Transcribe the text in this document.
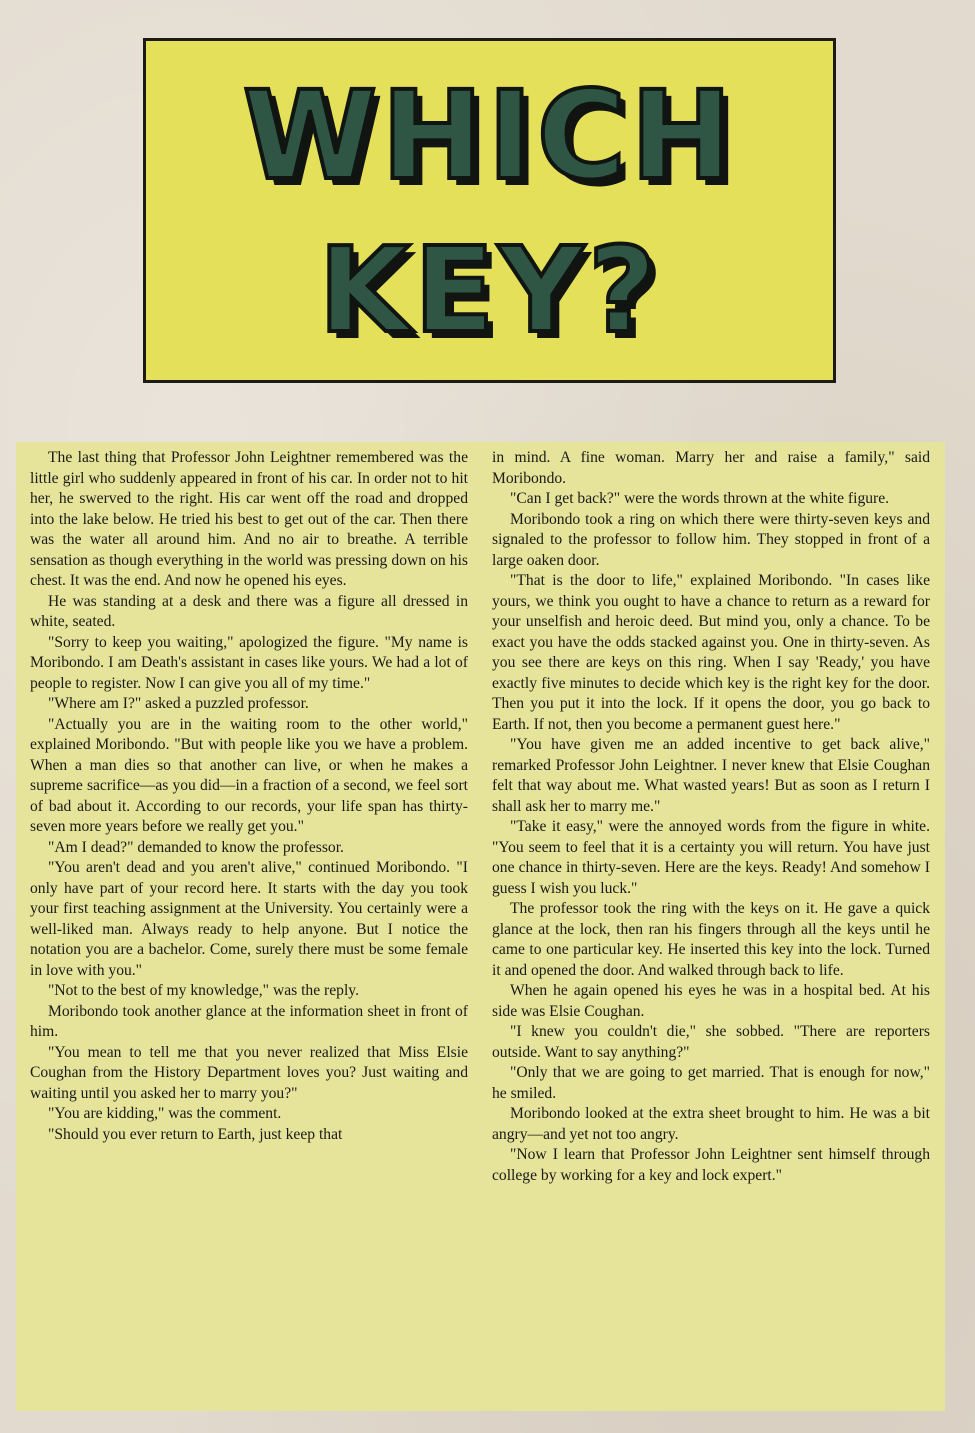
WHICH
KEY?

The last thing that Professor John Leightner remembered was the little girl who suddenly appeared in front of his car. In order not to hit her, he swerved to the right. His car went off the road and dropped into the lake below. He tried his best to get out of the car. Then there was the water all around him. And no air to breathe. A terrible sensation as though everything in the world was pressing down on his chest. It was the end. And now he opened his eyes.

He was standing at a desk and there was a figure all dressed in white, seated.

"Sorry to keep you waiting," apologized the figure. "My name is Moribondo. I am Death's assistant in cases like yours. We had a lot of people to register. Now I can give you all of my time."

"Where am I?" asked a puzzled professor.

"Actually you are in the waiting room to the other world," explained Moribondo. "But with people like you we have a problem. When a man dies so that another can live, or when he makes a supreme sacrifice—as you did—in a fraction of a second, we feel sort of bad about it. According to our records, your life span has thirty-seven more years before we really get you."

"Am I dead?" demanded to know the professor.

"You aren't dead and you aren't alive," continued Moribondo. "I only have part of your record here. It starts with the day you took your first teaching assignment at the University. You certainly were a well-liked man. Always ready to help anyone. But I notice the notation you are a bachelor. Come, surely there must be some female in love with you."

"Not to the best of my knowledge," was the reply.

Moribondo took another glance at the information sheet in front of him.

"You mean to tell me that you never realized that Miss Elsie Coughan from the History Department loves you? Just waiting and waiting until you asked her to marry you?"

"You are kidding," was the comment.

"Should you ever return to Earth, just keep that

in mind. A fine woman. Marry her and raise a family," said Moribondo.

"Can I get back?" were the words thrown at the white figure.

Moribondo took a ring on which there were thirty-seven keys and signaled to the professor to follow him. They stopped in front of a large oaken door.

"That is the door to life," explained Moribondo. "In cases like yours, we think you ought to have a chance to return as a reward for your unselfish and heroic deed. But mind you, only a chance. To be exact you have the odds stacked against you. One in thirty-seven. As you see there are keys on this ring. When I say 'Ready,' you have exactly five minutes to decide which key is the right key for the door. Then you put it into the lock. If it opens the door, you go back to Earth. If not, then you become a permanent guest here."

"You have given me an added incentive to get back alive," remarked Professor John Leightner. I never knew that Elsie Coughan felt that way about me. What wasted years! But as soon as I return I shall ask her to marry me."

"Take it easy," were the annoyed words from the figure in white. "You seem to feel that it is a certainty you will return. You have just one chance in thirty-seven. Here are the keys. Ready! And somehow I guess I wish you luck."

The professor took the ring with the keys on it. He gave a quick glance at the lock, then ran his fingers through all the keys until he came to one particular key. He inserted this key into the lock. Turned it and opened the door. And walked through back to life.

When he again opened his eyes he was in a hospital bed. At his side was Elsie Coughan.

"I knew you couldn't die," she sobbed. "There are reporters outside. Want to say anything?"

"Only that we are going to get married. That is enough for now," he smiled.

Moribondo looked at the extra sheet brought to him. He was a bit angry—and yet not too angry.

"Now I learn that Professor John Leightner sent himself through college by working for a key and lock expert."
